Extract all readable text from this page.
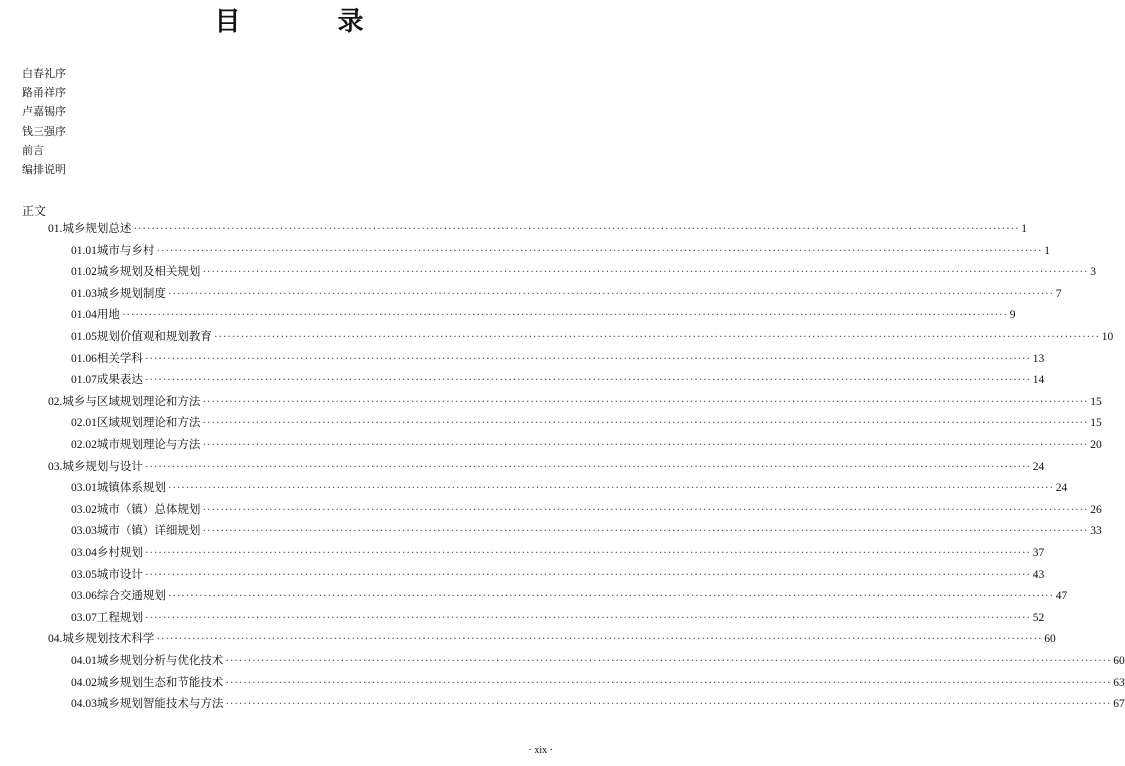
目 录
白春礼序
路甬祥序
卢嘉锡序
钱三强序
前言
编排说明
正文
01. 城乡规划总述 ········································································································································································································ 1
01.01 城市与乡村 ········································································································································································································ 1
01.02 城乡规划及相关规划 ········································································································································································································ 3
01.03 城乡规划制度 ········································································································································································································ 7
01.04 用地 ········································································································································································································ 9
01.05 规划价值观和规划教育 ········································································································································································································ 10
01.06 相关学科 ········································································································································································································ 13
01.07 成果表达 ········································································································································································································ 14
02. 城乡与区域规划理论和方法 ········································································································································································································ 15
02.01 区域规划理论和方法 ········································································································································································································ 15
02.02 城市规划理论与方法 ········································································································································································································ 20
03. 城乡规划与设计 ········································································································································································································ 24
03.01 城镇体系规划 ········································································································································································································ 24
03.02 城市（镇）总体规划 ········································································································································································································ 26
03.03 城市（镇）详细规划 ········································································································································································································ 33
03.04 乡村规划 ········································································································································································································ 37
03.05 城市设计 ········································································································································································································ 43
03.06 综合交通规划 ········································································································································································································ 47
03.07 工程规划 ········································································································································································································ 52
04. 城乡规划技术科学 ········································································································································································································ 60
04.01 城乡规划分析与优化技术 ········································································································································································································ 60
04.02 城乡规划生态和节能技术 ········································································································································································································ 63
04.03 城乡规划智能技术与方法 ········································································································································································································ 67
· xix ·
